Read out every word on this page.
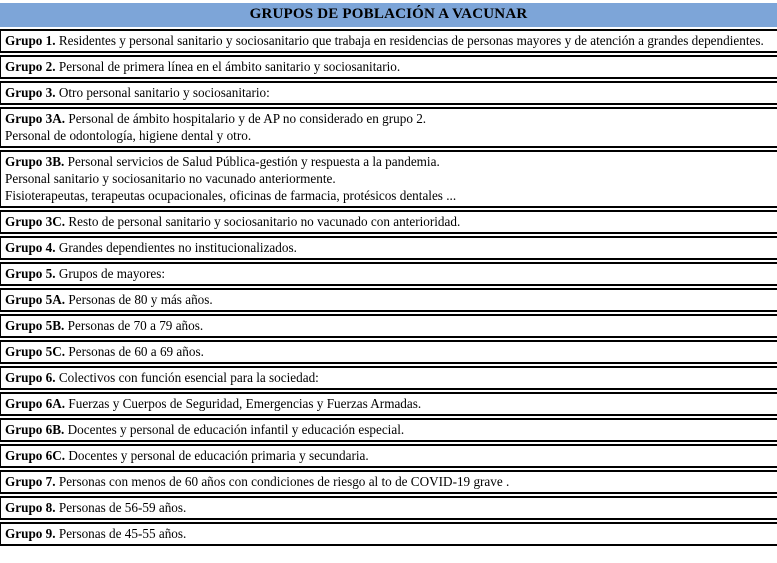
GRUPOS DE POBLACIÓN A VACUNAR
Grupo 1. Residentes y personal sanitario y sociosanitario que trabaja en residencias de personas mayores y de atención a grandes dependientes.
Grupo 2. Personal de primera línea en el ámbito sanitario y sociosanitario.
Grupo 3. Otro personal sanitario y sociosanitario:
Grupo 3A. Personal de ámbito hospitalario y de AP no considerado en grupo 2.
Personal de odontología, higiene dental y otro.
Grupo 3B. Personal servicios de Salud Pública-gestión y respuesta a la pandemia.
Personal sanitario y sociosanitario no vacunado anteriormente.
Fisioterapeutas, terapeutas ocupacionales, oficinas de farmacia, protésicos dentales ...
Grupo 3C. Resto de personal sanitario y sociosanitario no vacunado con anterioridad.
Grupo 4. Grandes dependientes no institucionalizados.
Grupo 5. Grupos de mayores:
Grupo 5A. Personas de 80 y más años.
Grupo 5B. Personas de 70 a 79 años.
Grupo 5C. Personas de 60 a 69 años.
Grupo 6. Colectivos con función esencial para la sociedad:
Grupo 6A. Fuerzas y Cuerpos de Seguridad, Emergencias y Fuerzas Armadas.
Grupo 6B. Docentes y personal de educación infantil y educación especial.
Grupo 6C. Docentes y personal de educación primaria y secundaria.
Grupo 7. Personas con menos de 60 años con condiciones de riesgo al to de COVID-19 grave .
Grupo 8. Personas de 56-59 años.
Grupo 9. Personas de 45-55 años.
